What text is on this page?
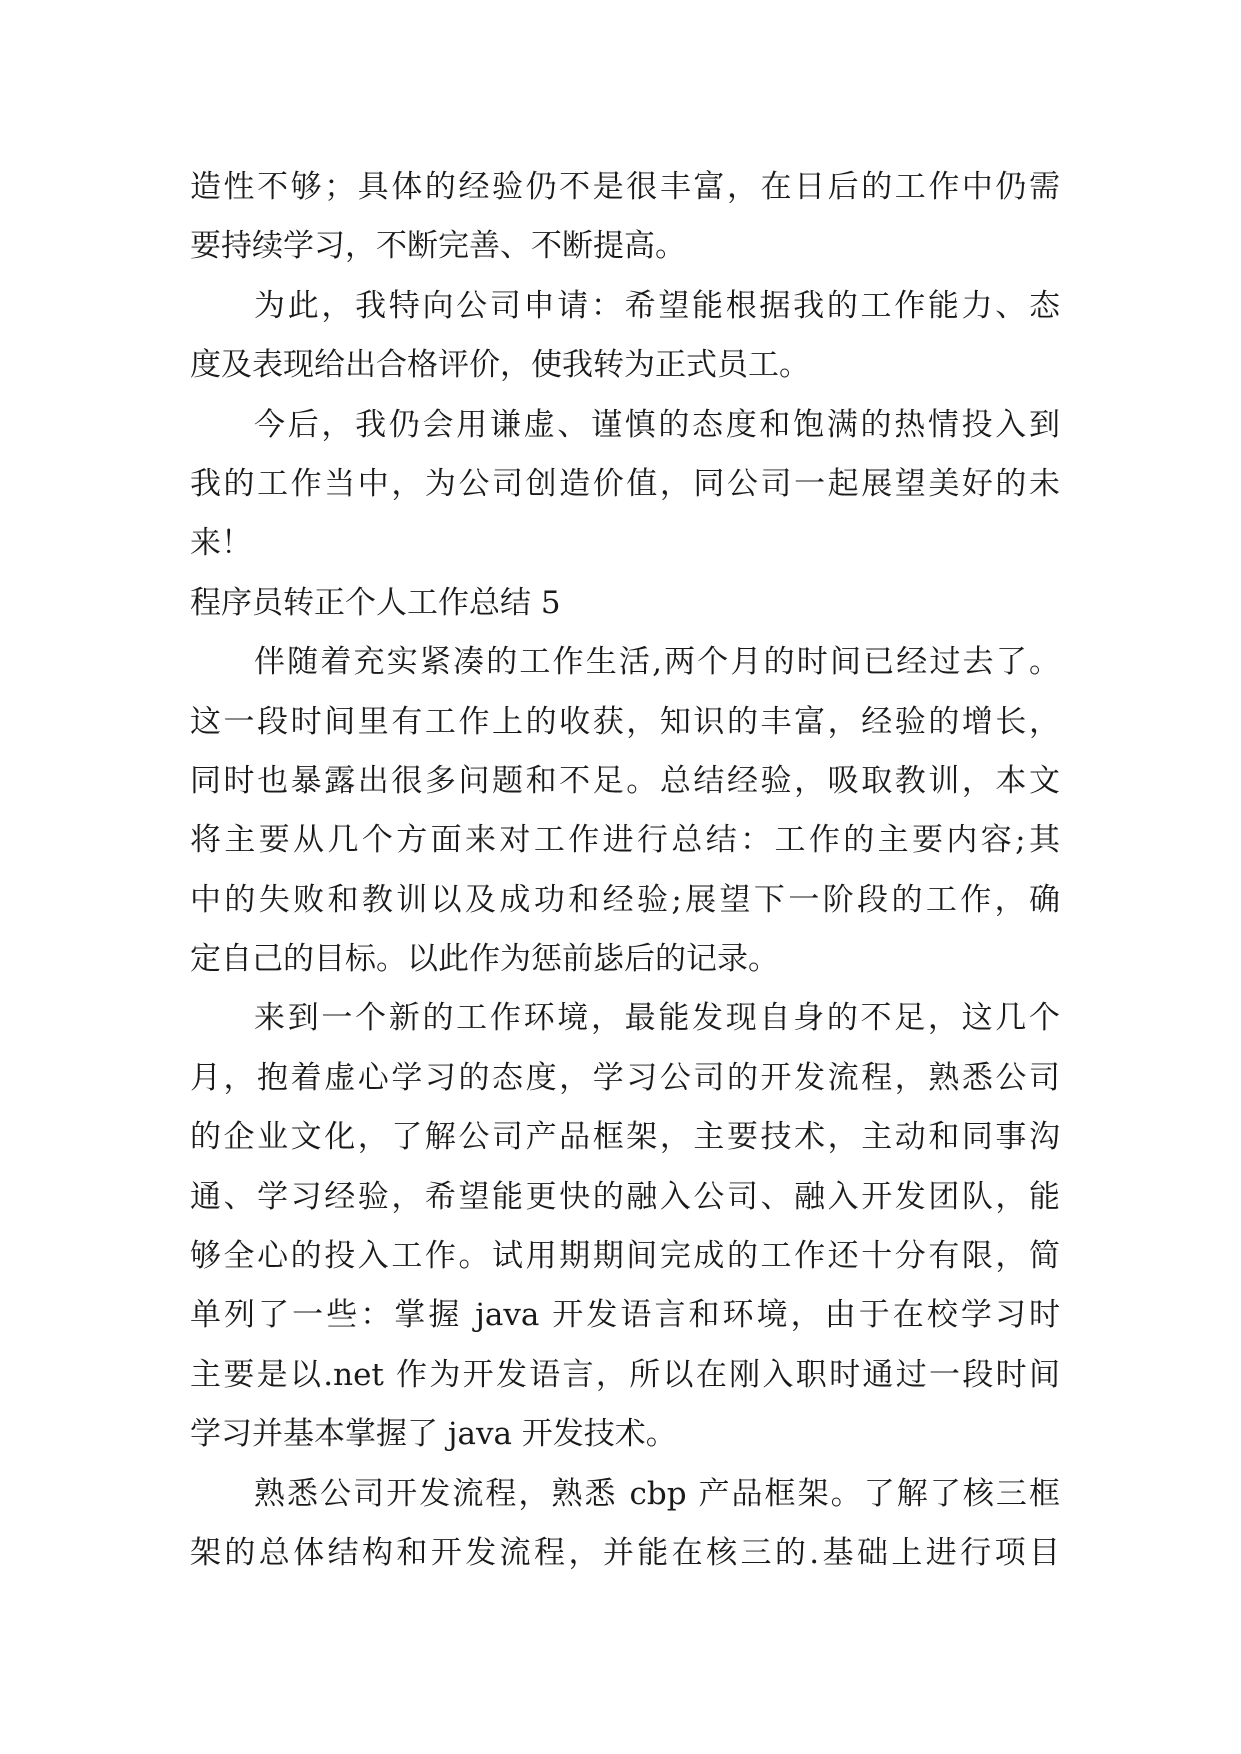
造性不够；具体的经验仍不是很丰富，在日后的工作中仍需
要持续学习，不断完善、不断提高。
为此，我特向公司申请：希望能根据我的工作能力、态
度及表现给出合格评价，使我转为正式员工。
今后，我仍会用谦虚、谨慎的态度和饱满的热情投入到
我的工作当中，为公司创造价值，同公司一起展望美好的未
来！
程序员转正个人工作总结 5
伴随着充实紧凑的工作生活,两个月的时间已经过去了。
这一段时间里有工作上的收获，知识的丰富，经验的增长，
同时也暴露出很多问题和不足。总结经验，吸取教训，本文
将主要从几个方面来对工作进行总结：工作的主要内容;其
中的失败和教训以及成功和经验;展望下一阶段的工作，确
定自己的目标。以此作为惩前毖后的记录。
来到一个新的工作环境，最能发现自身的不足，这几个
月，抱着虚心学习的态度，学习公司的开发流程，熟悉公司
的企业文化，了解公司产品框架，主要技术，主动和同事沟
通、学习经验，希望能更快的融入公司、融入开发团队，能
够全心的投入工作。试用期期间完成的工作还十分有限，简
单列了一些：掌握 java 开发语言和环境，由于在校学习时
主要是以.net 作为开发语言，所以在刚入职时通过一段时间
学习并基本掌握了 java 开发技术。
熟悉公司开发流程，熟悉 cbp 产品框架。了解了核三框
架的总体结构和开发流程，并能在核三的.基础上进行项目
